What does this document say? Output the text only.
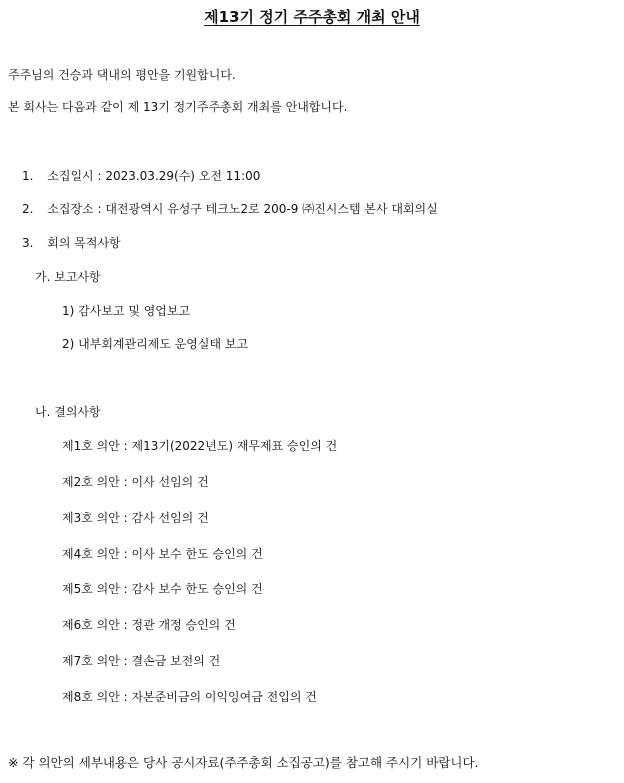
제13기 정기 주주총회 개최 안내
주주님의 건승과 댁내의 평안을 기원합니다.
본 회사는 다음과 같이 제 13기 정기주주총회 개최를 안내합니다.
1. 소집일시 : 2023.03.29(수) 오전 11:00
2. 소집장소 : 대전광역시 유성구 테크노2로 200-9 ㈜진시스템 본사 대회의실
3. 회의 목적사항
가. 보고사항
1) 감사보고 및 영업보고
2) 내부회계관리제도 운영실태 보고
나. 결의사항
제1호 의안 : 제13기(2022년도) 재무제표 승인의 건
제2호 의안 : 이사 선임의 건
제3호 의안 : 감사 선임의 건
제4호 의안 : 이사 보수 한도 승인의 건
제5호 의안 : 감사 보수 한도 승인의 건
제6호 의안 : 정관 개정 승인의 건
제7호 의안 : 결손금 보전의 건
제8호 의안 : 자본준비금의 이익잉여금 전입의 건
※ 각 의안의 세부내용은 당사 공시자료(주주총회 소집공고)를 참고해 주시기 바랍니다.
